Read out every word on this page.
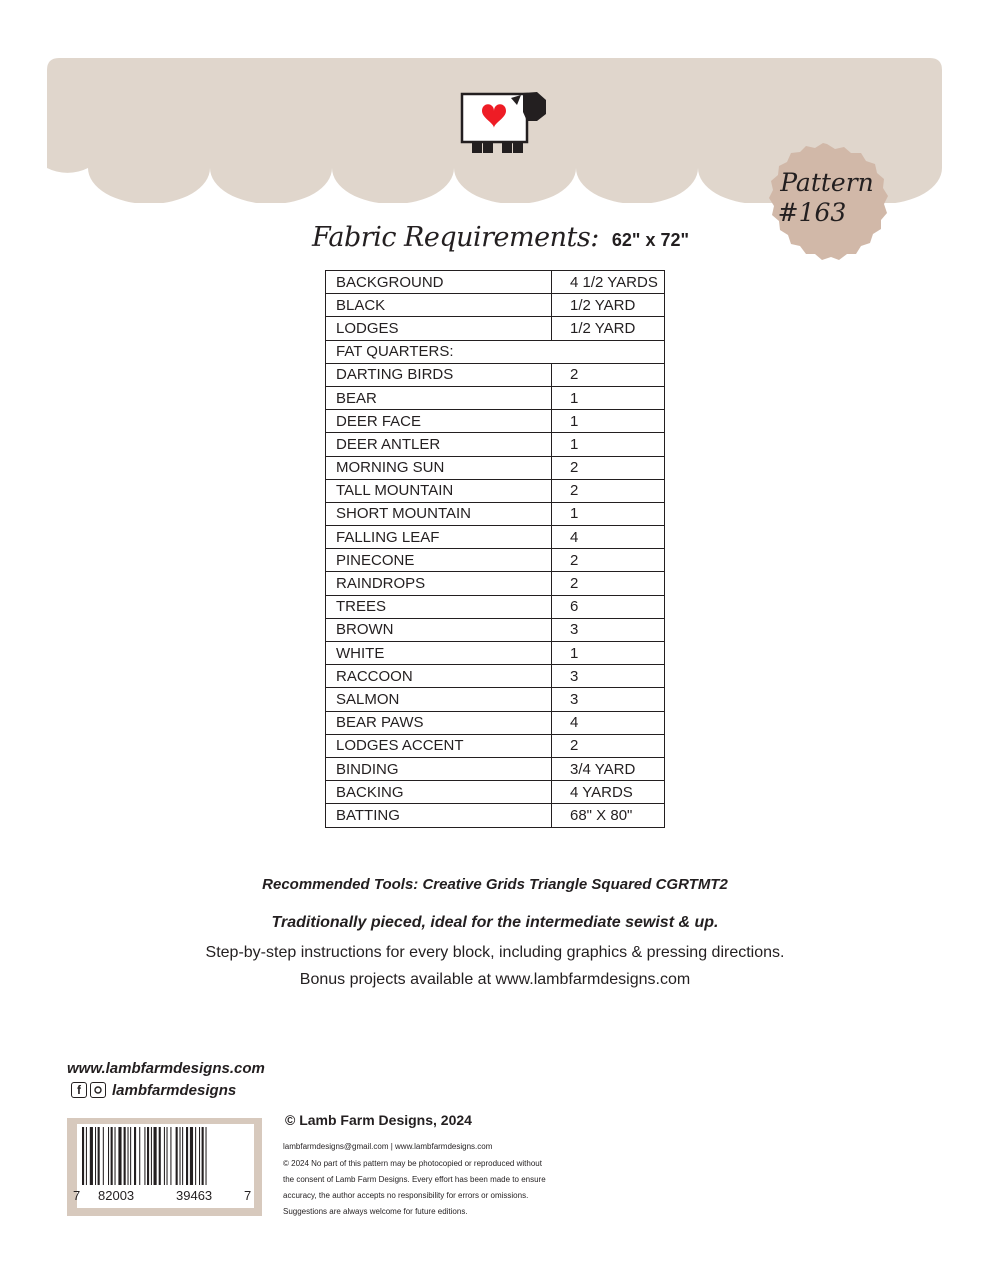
Pattern
#163
Fabric Requirements: 62" x 72"
BACKGROUND	4 1/2 YARDS
BLACK	1/2 YARD
LODGES	1/2 YARD
FAT QUARTERS:	
DARTING BIRDS	2
BEAR	1
DEER FACE	1
DEER ANTLER	1
MORNING SUN	2
TALL MOUNTAIN	2
SHORT MOUNTAIN	1
FALLING LEAF	4
PINECONE	2
RAINDROPS	2
TREES	6
BROWN	3
WHITE	1
RACCOON	3
SALMON	3
BEAR PAWS	4
LODGES ACCENT	2
BINDING	3/4 YARD
BACKING	4 YARDS
BATTING	68" X 80"
Recommended Tools: Creative Grids Triangle Squared CGRTMT2
Traditionally pieced, ideal for the intermediate sewist & up.
Step-by-step instructions for every block, including graphics & pressing directions.
Bonus projects available at www.lambfarmdesigns.com
www.lambfarmdesigns.com
f	lambfarmdesigns
7 82003	39463 7
© Lamb Farm Designs, 2024
lambfarmdesigns@gmail.com | www.lambfarmdesigns.com
© 2024 No part of this pattern may be photocopied or reproduced without
the consent of Lamb Farm Designs. Every effort has been made to ensure
accuracy, the author accepts no responsibility for errors or omissions.
Suggestions are always welcome for future editions.
